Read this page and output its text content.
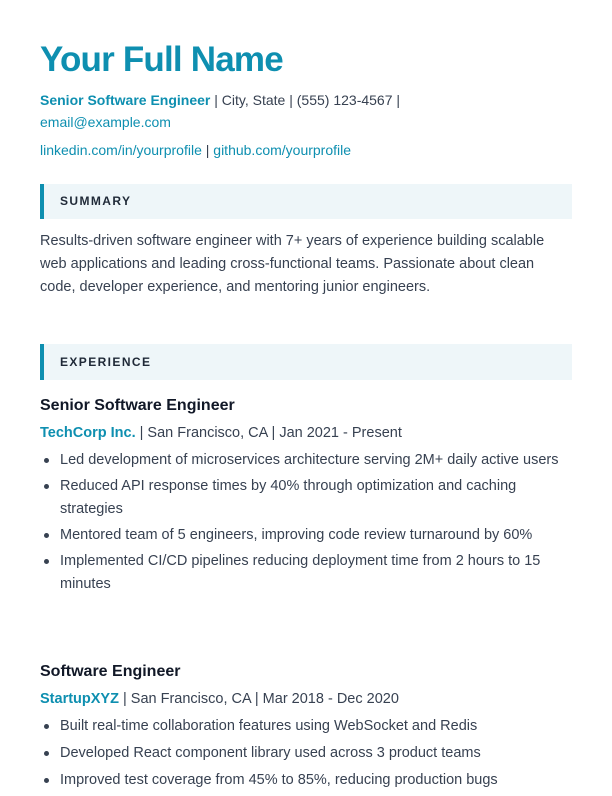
Your Full Name
Senior Software Engineer | City, State | (555) 123-4567 |
email@example.com
linkedin.com/in/yourprofile | github.com/yourprofile
SUMMARY
Results-driven software engineer with 7+ years of experience building scalable web applications and leading cross-functional teams. Passionate about clean code, developer experience, and mentoring junior engineers.
EXPERIENCE
Senior Software Engineer
TechCorp Inc. | San Francisco, CA | Jan 2021 - Present
Led development of microservices architecture serving 2M+ daily active users
Reduced API response times by 40% through optimization and caching strategies
Mentored team of 5 engineers, improving code review turnaround by 60%
Implemented CI/CD pipelines reducing deployment time from 2 hours to 15 minutes
Software Engineer
StartupXYZ | San Francisco, CA | Mar 2018 - Dec 2020
Built real-time collaboration features using WebSocket and Redis
Developed React component library used across 3 product teams
Improved test coverage from 45% to 85%, reducing production bugs
